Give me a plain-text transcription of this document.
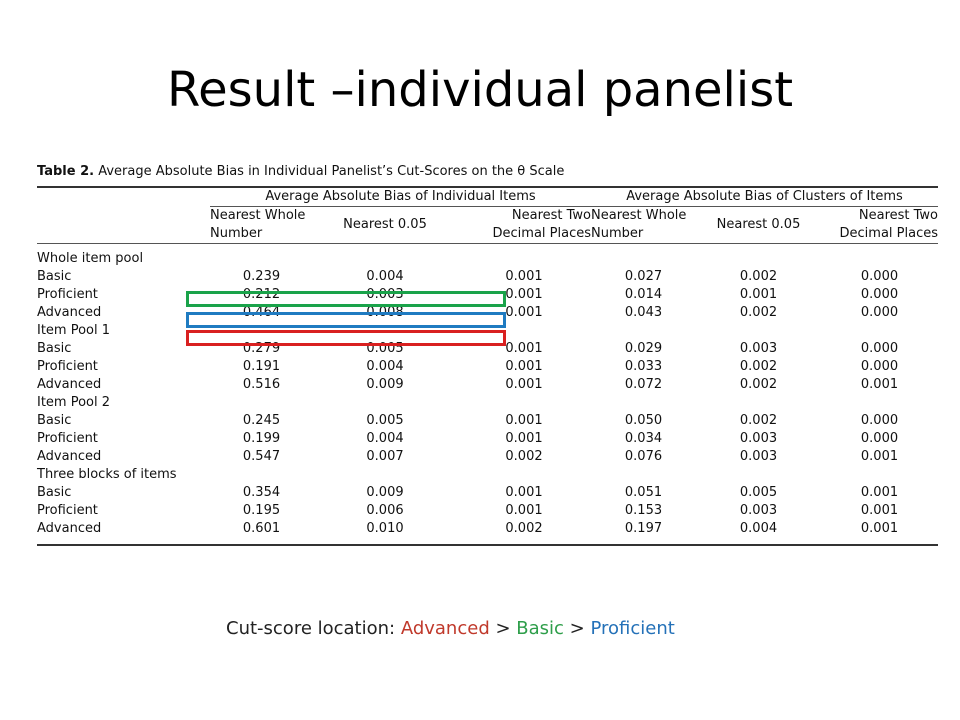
Result –individual panelist
Table 2. Average Absolute Bias in Individual Panelist’s Cut-Scores on the θ Scale
	Average Absolute Bias of Individual Items			Average Absolute Bias of Clusters of Items		
	Nearest Whole Number	Nearest 0.05	Nearest Two Decimal Places	Nearest Whole Number	Nearest 0.05	Nearest Two Decimal Places
Whole item pool						
Basic	0.239	0.004	0.001	0.027	0.002	0.000
Proficient	0.212	0.003	0.001	0.014	0.001	0.000
Advanced	0.464	0.008	0.001	0.043	0.002	0.000
Item Pool 1						
Basic	0.279	0.005	0.001	0.029	0.003	0.000
Proficient	0.191	0.004	0.001	0.033	0.002	0.000
Advanced	0.516	0.009	0.001	0.072	0.002	0.001
Item Pool 2						
Basic	0.245	0.005	0.001	0.050	0.002	0.000
Proficient	0.199	0.004	0.001	0.034	0.003	0.000
Advanced	0.547	0.007	0.002	0.076	0.003	0.001
Three blocks of items						
Basic	0.354	0.009	0.001	0.051	0.005	0.001
Proficient	0.195	0.006	0.001	0.153	0.003	0.001
Advanced	0.601	0.010	0.002	0.197	0.004	0.001
Cut-score location: Advanced > Basic > Proficient
